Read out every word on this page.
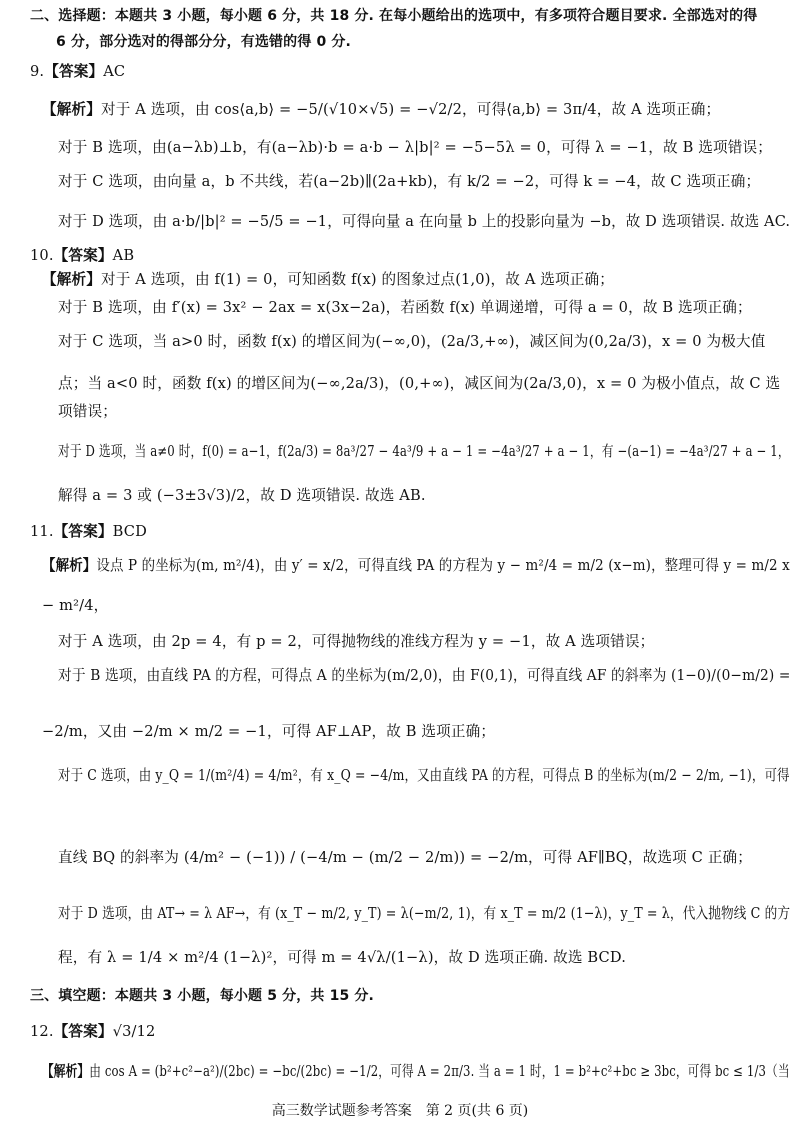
二、选择题：本题共 3 小题，每小题 6 分，共 18 分. 在每小题给出的选项中，有多项符合题目要求. 全部选对的得
6 分，部分选对的得部分分，有选错的得 0 分.
9.【答案】AC
【解析】对于 A 选项，由 cos⟨a,b⟩ = −5/(√10×√5) = −√2/2，可得⟨a,b⟩ = 3π/4，故 A 选项正确；
对于 B 选项，由(a−λb)⊥b，有(a−λb)·b = a·b − λ|b|² = −5−5λ = 0，可得 λ = −1，故 B 选项错误；
对于 C 选项，由向量 a，b 不共线，若(a−2b)∥(2a+kb)，有 k/2 = −2，可得 k = −4，故 C 选项正确；
对于 D 选项，由 a·b/|b|² = −5/5 = −1，可得向量 a 在向量 b 上的投影向量为 −b，故 D 选项错误. 故选 AC.
10.【答案】AB
【解析】对于 A 选项，由 f(1) = 0，可知函数 f(x) 的图象过点(1,0)，故 A 选项正确；
对于 B 选项，由 f′(x) = 3x² − 2ax = x(3x−2a)，若函数 f(x) 单调递增，可得 a = 0，故 B 选项正确；
对于 C 选项，当 a>0 时，函数 f(x) 的增区间为(−∞,0)，(2a/3,+∞)，减区间为(0,2a/3)，x = 0 为极大值
点；当 a<0 时，函数 f(x) 的增区间为(−∞,2a/3)，(0,+∞)，减区间为(2a/3,0)，x = 0 为极小值点，故 C 选
项错误；
对于 D 选项，当 a≠0 时，f(0) = a−1，f(2a/3) = 8a³/27 − 4a³/9 + a − 1 = −4a³/27 + a − 1，有 −(a−1) = −4a³/27 + a − 1，
解得 a = 3 或 (−3±3√3)/2，故 D 选项错误. 故选 AB.
11.【答案】BCD
【解析】设点 P 的坐标为(m, m²/4)，由 y′ = x/2，可得直线 PA 的方程为 y − m²/4 = m/2 (x−m)，整理可得 y = m/2 x
− m²/4，
对于 A 选项，由 2p = 4，有 p = 2，可得抛物线的准线方程为 y = −1，故 A 选项错误；
对于 B 选项，由直线 PA 的方程，可得点 A 的坐标为(m/2,0)，由 F(0,1)，可得直线 AF 的斜率为 (1−0)/(0−m/2) =
−2/m，又由 −2/m × m/2 = −1，可得 AF⊥AP，故 B 选项正确；
对于 C 选项，由 y_Q = 1/(m²/4) = 4/m²，有 x_Q = −4/m，又由直线 PA 的方程，可得点 B 的坐标为(m/2 − 2/m, −1)，可得
直线 BQ 的斜率为 (4/m² − (−1)) / (−4/m − (m/2 − 2/m)) = −2/m，可得 AF∥BQ，故选项 C 正确；
对于 D 选项，由 AT→ = λ AF→，有 (x_T − m/2, y_T) = λ(−m/2, 1)，有 x_T = m/2 (1−λ)，y_T = λ，代入抛物线 C 的方
程，有 λ = 1/4 × m²/4 (1−λ)²，可得 m = 4√λ/(1−λ)，故 D 选项正确. 故选 BCD.
三、填空题：本题共 3 小题，每小题 5 分，共 15 分.
12.【答案】√3/12
【解析】由 cos A = (b²+c²−a²)/(2bc) = −bc/(2bc) = −1/2，可得 A = 2π/3. 当 a = 1 时，1 = b²+c²+bc ≥ 3bc，可得 bc ≤ 1/3（当
高三数学试题参考答案　第 2 页(共 6 页)
